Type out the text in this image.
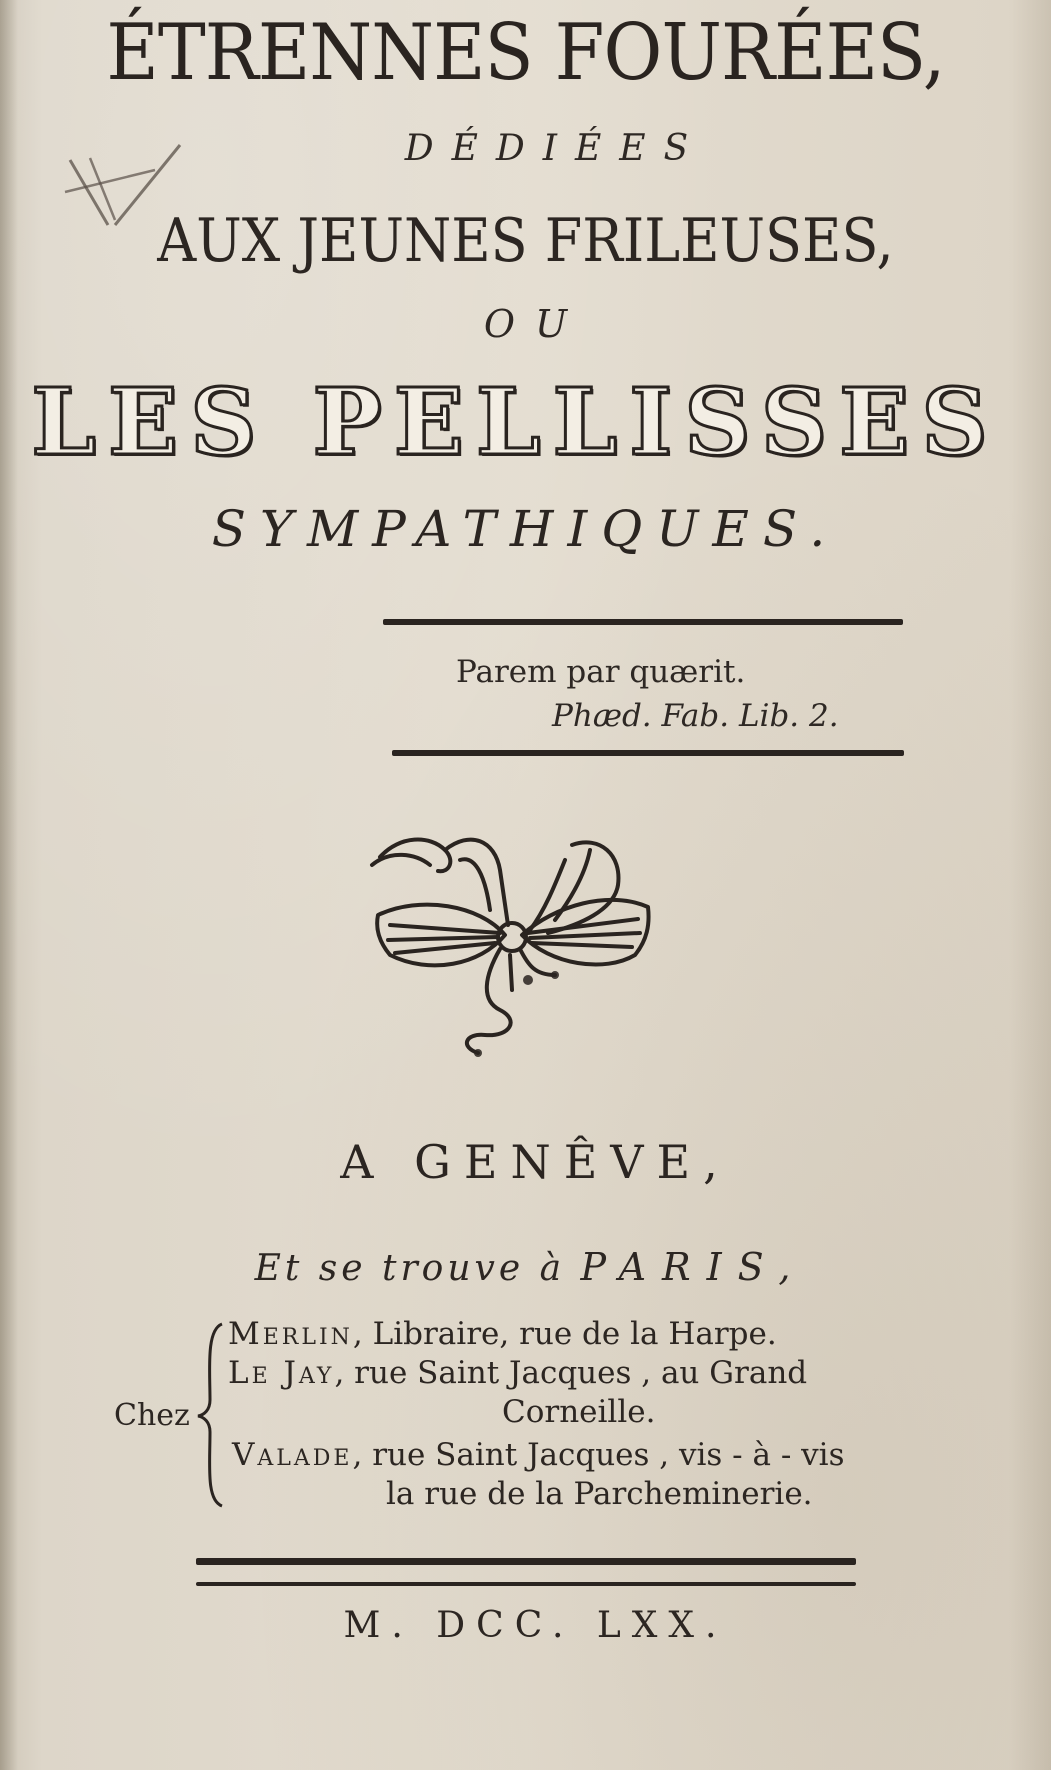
ÉTRENNES FOURÉES,
DÉDIÉES
AUX JEUNES FRILEUSES,
OU
LES PELLISSES
SYMPATHIQUES.
Parem par quærit.
Phæd. Fab. Lib. 2.
A GENÊVE,
Et se trouve à PARIS,
Chez
Merlin, Libraire, rue de la Harpe.
Le Jay, rue Saint Jacques , au Grand
Corneille.
Valade, rue Saint Jacques , vis - à - vis
la rue de la Parcheminerie.
M. DCC. LXX.
